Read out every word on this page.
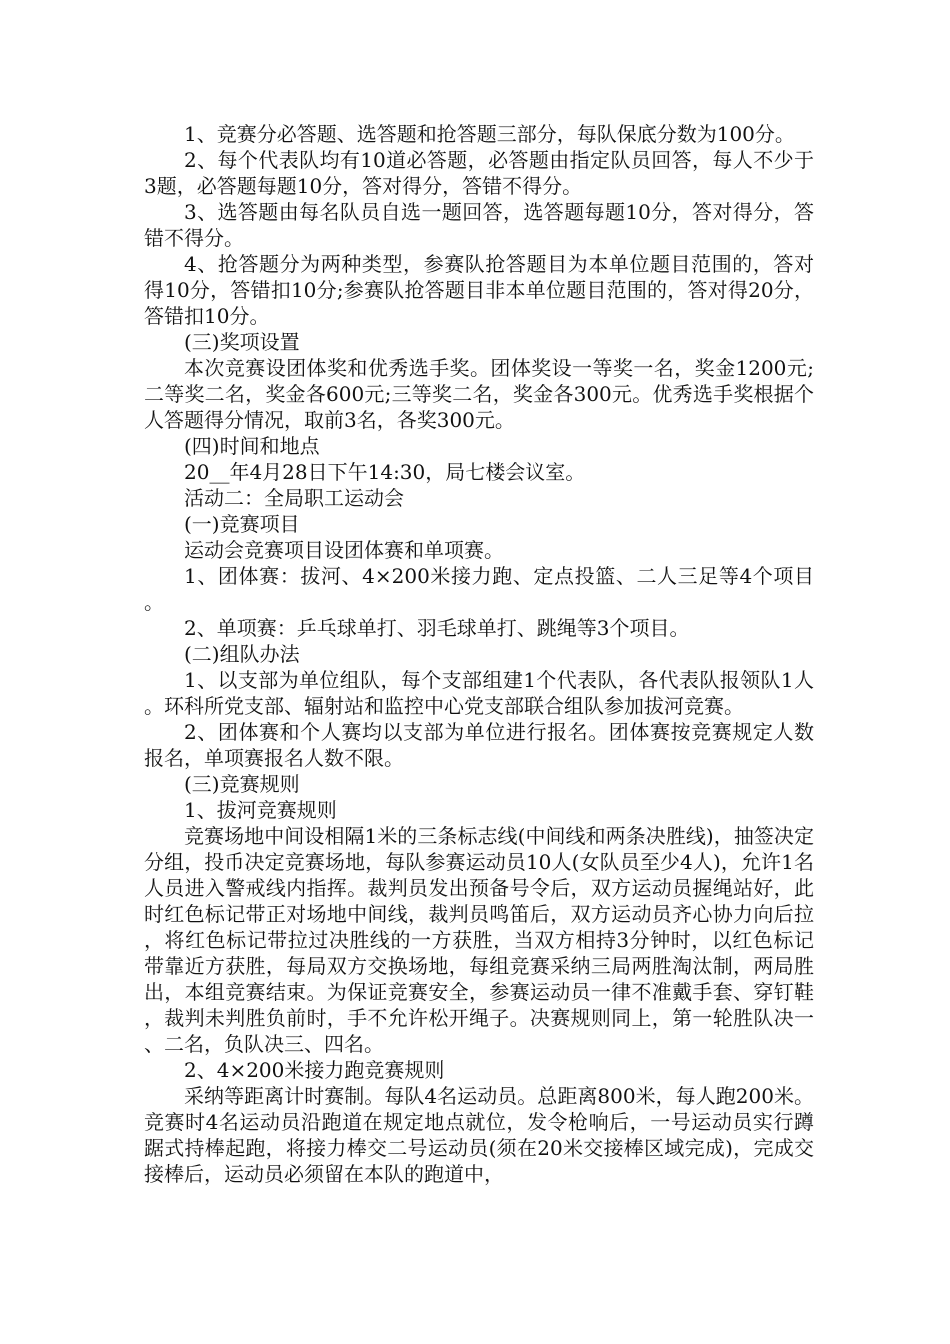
1、竞赛分必答题、选答题和抢答题三部分，每队保底分数为100分。

2、每个代表队均有10道必答题，必答题由指定队员回答，每人不少于3题，必答题每题10分，答对得分，答错不得分。

3、选答题由每名队员自选一题回答，选答题每题10分，答对得分，答错不得分。

4、抢答题分为两种类型，参赛队抢答题目为本单位题目范围的，答对得10分，答错扣10分;参赛队抢答题目非本单位题目范围的，答对得20分，答错扣10分。

(三)奖项设置

本次竞赛设团体奖和优秀选手奖。团体奖设一等奖一名，奖金1200元;二等奖二名，奖金各600元;三等奖二名，奖金各300元。优秀选手奖根据个人答题得分情况，取前3名，各奖300元。

(四)时间和地点

20__年4月28日下午14:30，局七楼会议室。

活动二：全局职工运动会

(一)竞赛项目

运动会竞赛项目设团体赛和单项赛。

1、团体赛：拔河、4×200米接力跑、定点投篮、二人三足等4个项目。

2、单项赛：乒乓球单打、羽毛球单打、跳绳等3个项目。

(二)组队办法

1、以支部为单位组队，每个支部组建1个代表队，各代表队报领队1人。环科所党支部、辐射站和监控中心党支部联合组队参加拔河竞赛。

2、团体赛和个人赛均以支部为单位进行报名。团体赛按竞赛规定人数报名，单项赛报名人数不限。

(三)竞赛规则

1、拔河竞赛规则

竞赛场地中间设相隔1米的三条标志线(中间线和两条决胜线)，抽签决定分组，投币决定竞赛场地，每队参赛运动员10人(女队员至少4人)，允许1名人员进入警戒线内指挥。裁判员发出预备号令后，双方运动员握绳站好，此时红色标记带正对场地中间线，裁判员鸣笛后，双方运动员齐心协力向后拉，将红色标记带拉过决胜线的一方获胜，当双方相持3分钟时，以红色标记带靠近方获胜，每局双方交换场地，每组竞赛采纳三局两胜淘汰制，两局胜出，本组竞赛结束。为保证竞赛安全，参赛运动员一律不准戴手套、穿钉鞋，裁判未判胜负前时，手不允许松开绳子。决赛规则同上，第一轮胜队决一、二名，负队决三、四名。

2、4×200米接力跑竞赛规则

采纳等距离计时赛制。每队4名运动员。总距离800米，每人跑200米。竞赛时4名运动员沿跑道在规定地点就位，发令枪响后，一号运动员实行蹲踞式持棒起跑，将接力棒交二号运动员(须在20米交接棒区域完成)，完成交接棒后，运动员必须留在本队的跑道中，
